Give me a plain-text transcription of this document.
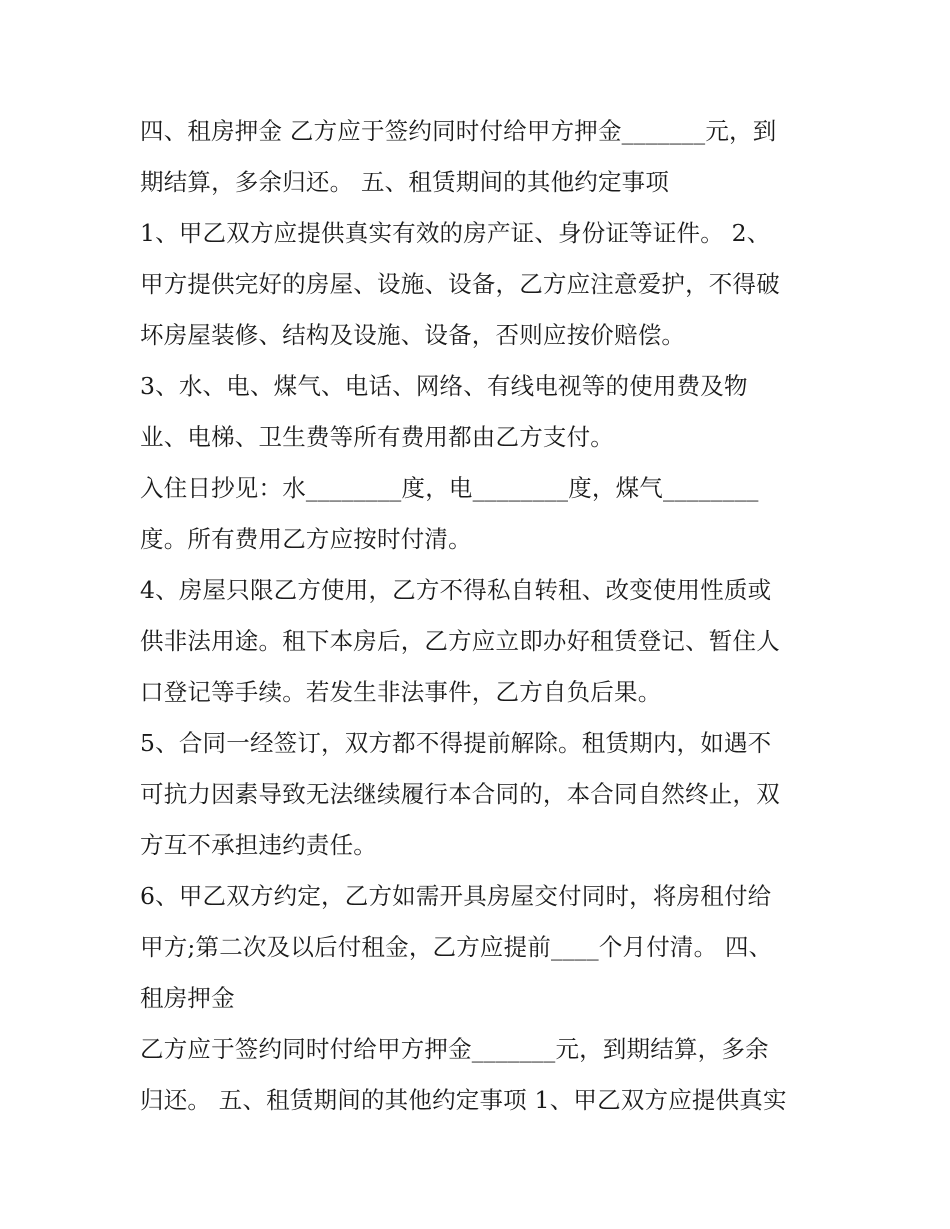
四、租房押金 乙方应于签约同时付给甲方押金_______元，到
期结算，多余归还。 五、租赁期间的其他约定事项
1、甲乙双方应提供真实有效的房产证、身份证等证件。 2、
甲方提供完好的房屋、设施、设备，乙方应注意爱护，不得破
坏房屋装修、结构及设施、设备，否则应按价赔偿。
3、水、电、煤气、电话、网络、有线电视等的使用费及物
业、电梯、卫生费等所有费用都由乙方支付。
入住日抄见：水________度，电________度，煤气________
度。所有费用乙方应按时付清。
4、房屋只限乙方使用，乙方不得私自转租、改变使用性质或
供非法用途。租下本房后，乙方应立即办好租赁登记、暂住人
口登记等手续。若发生非法事件，乙方自负后果。
5、合同一经签订，双方都不得提前解除。租赁期内，如遇不
可抗力因素导致无法继续履行本合同的，本合同自然终止，双
方互不承担违约责任。
6、甲乙双方约定，乙方如需开具房屋交付同时，将房租付给
甲方;第二次及以后付租金，乙方应提前____个月付清。 四、
租房押金
乙方应于签约同时付给甲方押金_______元，到期结算，多余
归还。 五、租赁期间的其他约定事项 1、甲乙双方应提供真实
